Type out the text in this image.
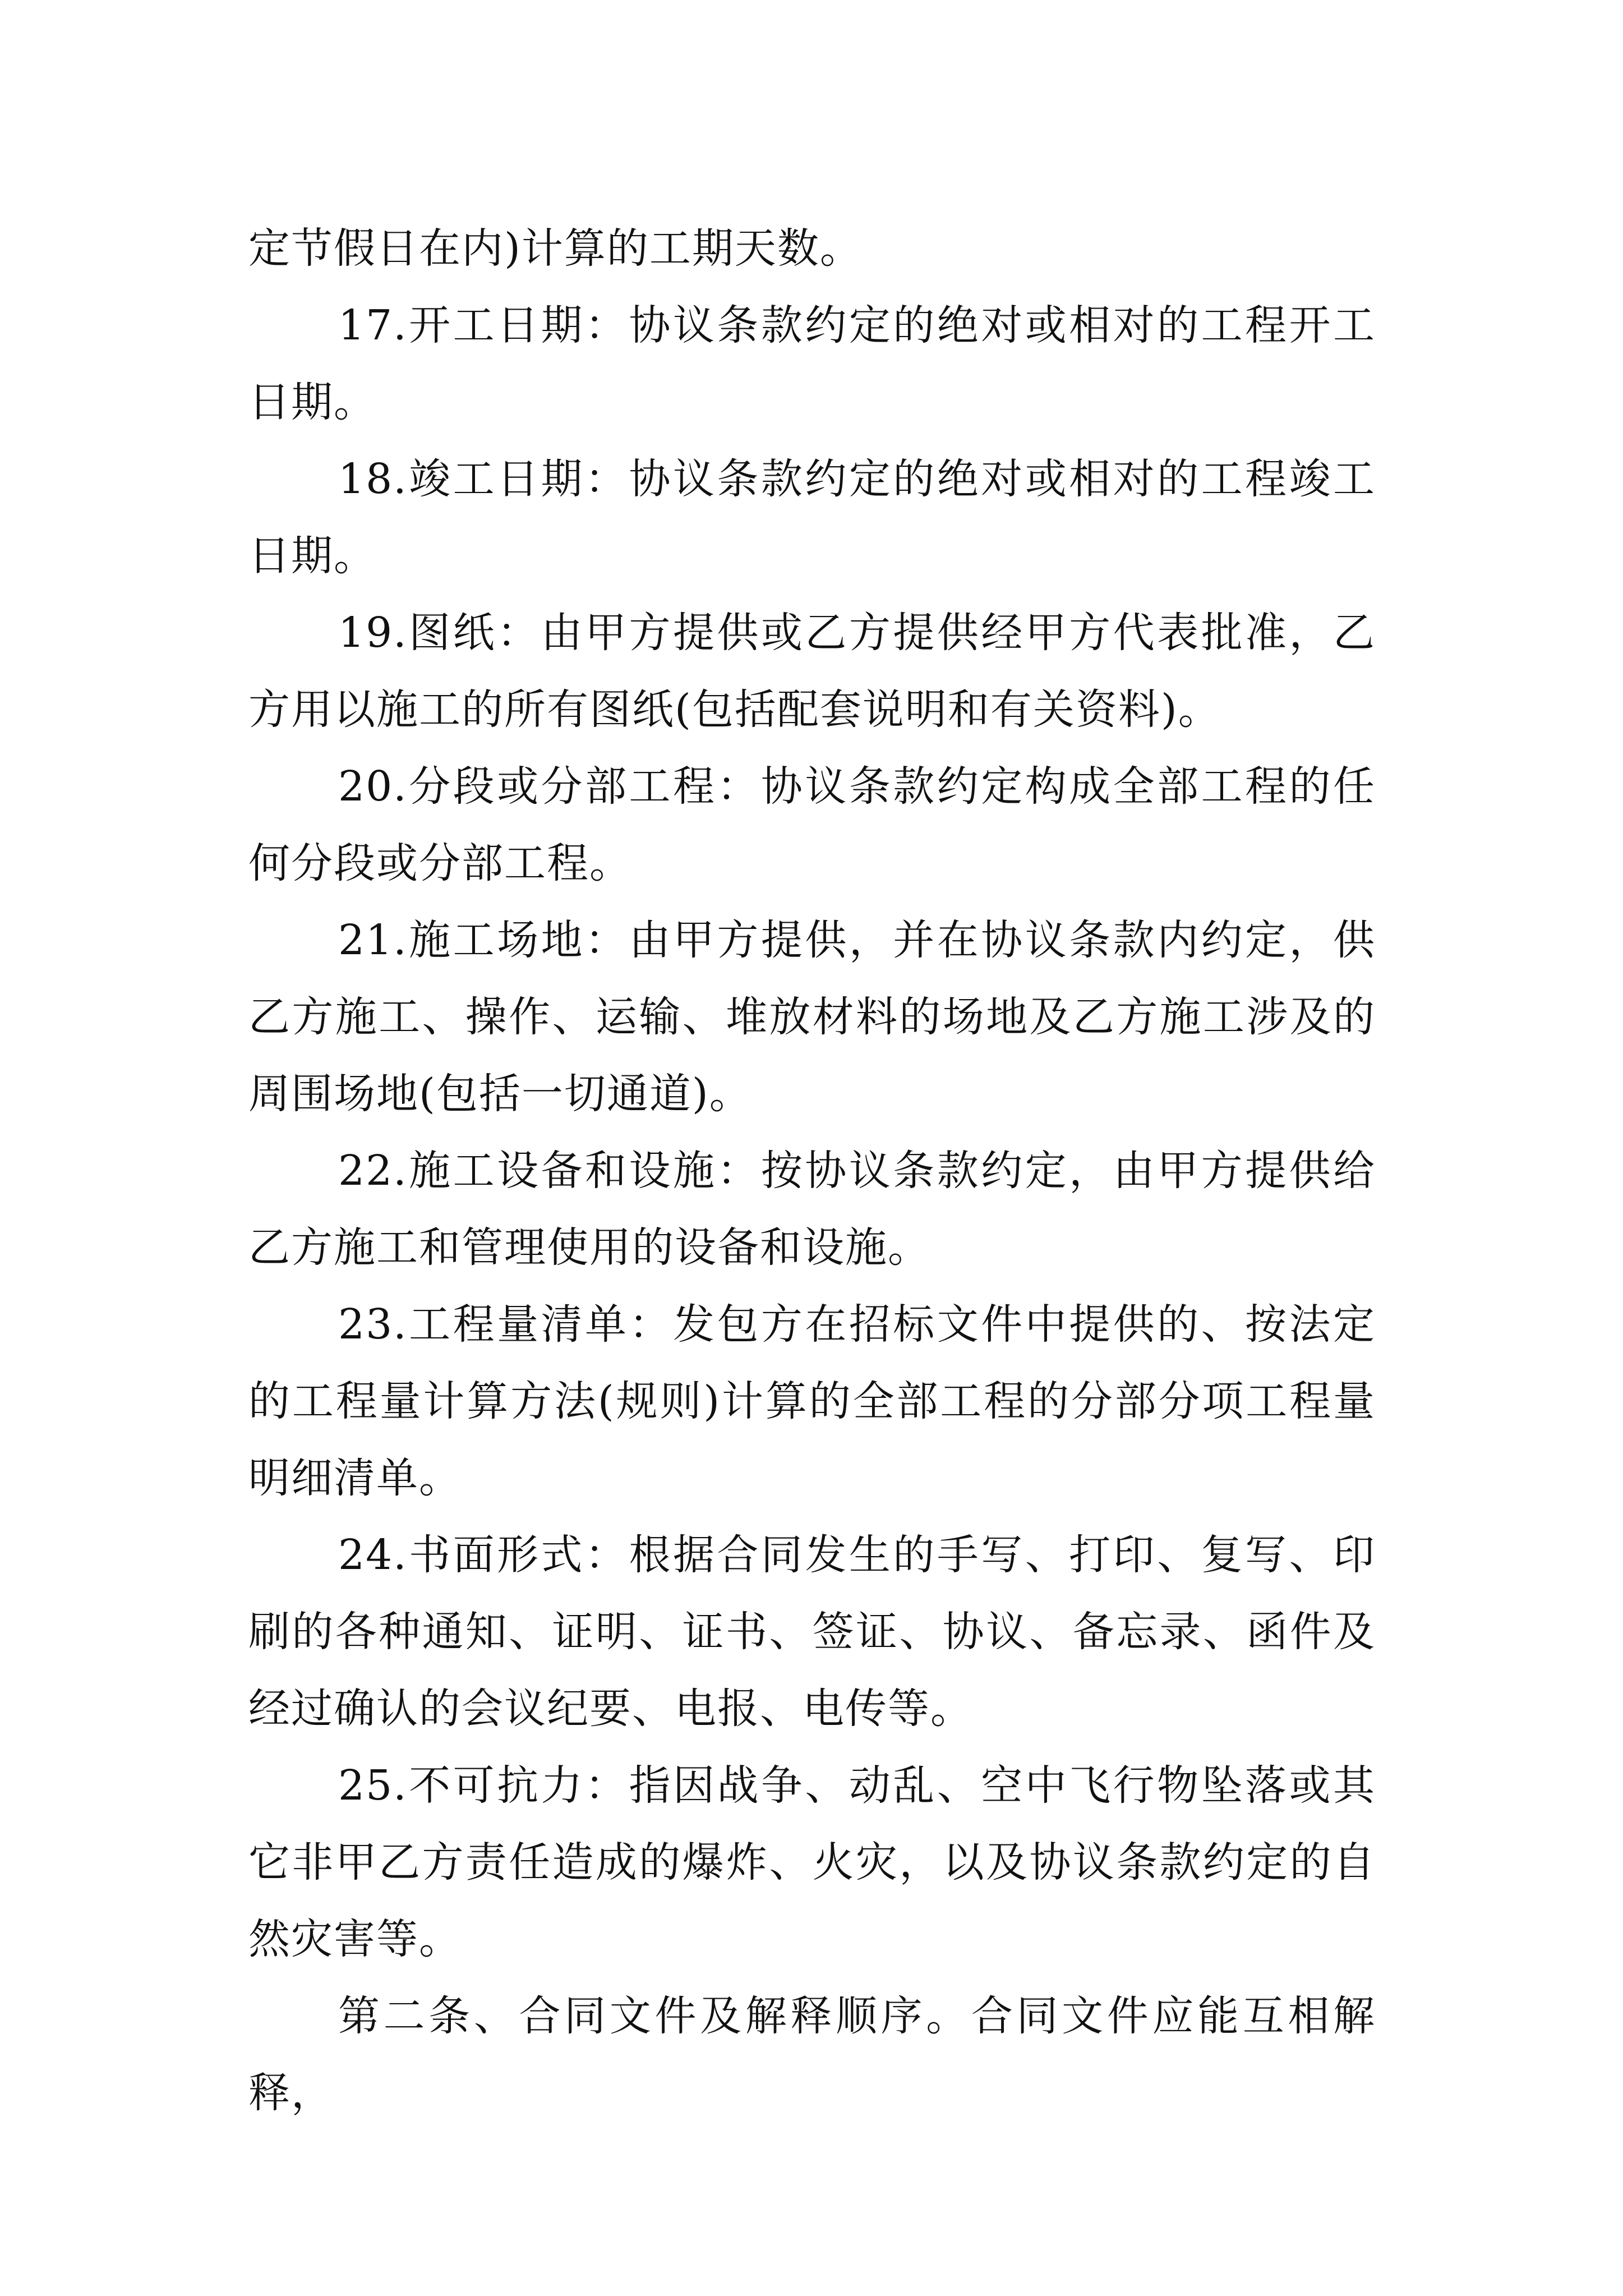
定节假日在内)计算的工期天数。

17.开工日期：协议条款约定的绝对或相对的工程开工日期。

18.竣工日期：协议条款约定的绝对或相对的工程竣工日期。

19.图纸：由甲方提供或乙方提供经甲方代表批准，乙方用以施工的所有图纸(包括配套说明和有关资料)。

20.分段或分部工程：协议条款约定构成全部工程的任何分段或分部工程。

21.施工场地：由甲方提供，并在协议条款内约定，供乙方施工、操作、运输、堆放材料的场地及乙方施工涉及的周围场地(包括一切通道)。

22.施工设备和设施：按协议条款约定，由甲方提供给乙方施工和管理使用的设备和设施。

23.工程量清单：发包方在招标文件中提供的、按法定的工程量计算方法(规则)计算的全部工程的分部分项工程量明细清单。

24.书面形式：根据合同发生的手写、打印、复写、印刷的各种通知、证明、证书、签证、协议、备忘录、函件及经过确认的会议纪要、电报、电传等。

25.不可抗力：指因战争、动乱、空中飞行物坠落或其它非甲乙方责任造成的爆炸、火灾，以及协议条款约定的自然灾害等。

第二条、合同文件及解释顺序。合同文件应能互相解释，
